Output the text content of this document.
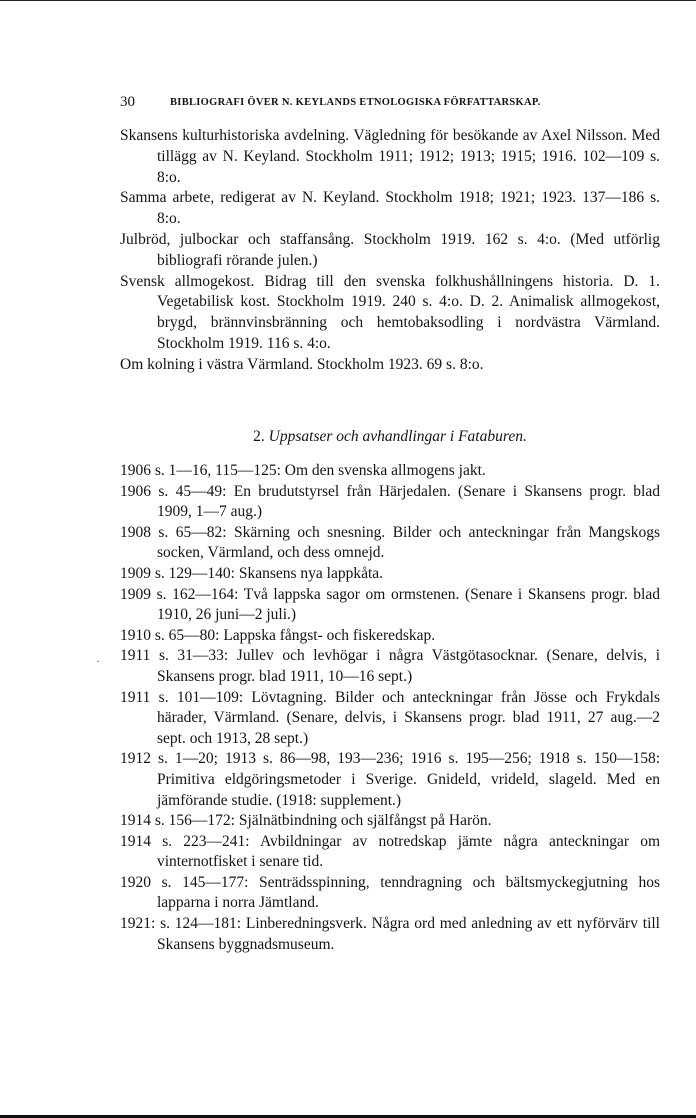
30	BIBLIOGRAFI ÖVER N. KEYLANDS ETNOLOGISKA FÖRFATTARSKAP.
Skansens kulturhistoriska avdelning. Vägledning för besökande av Axel Nilsson. Med tillägg av N. Keyland. Stockholm 1911; 1912; 1913; 1915; 1916. 102—109 s. 8:o.
Samma arbete, redigerat av N. Keyland. Stockholm 1918; 1921; 1923. 137—186 s. 8:o.
Julbröd, julbockar och staffansång. Stockholm 1919. 162 s. 4:o. (Med utförlig bibliografi rörande julen.)
Svensk allmogekost. Bidrag till den svenska folkhushållningens historia. D. 1. Vegetabilisk kost. Stockholm 1919. 240 s. 4:o. D. 2. Animalisk allmogekost, brygd, brännvinsbränning och hemtobaksodling i nordvästra Värmland. Stockholm 1919. 116 s. 4:o.
Om kolning i västra Värmland. Stockholm 1923. 69 s. 8:o.
2. Uppsatser och avhandlingar i Fataburen.
·
1906 s. 1—16, 115—125: Om den svenska allmogens jakt.
1906 s. 45—49: En brudutstyrsel från Härjedalen. (Senare i Skansens progr. blad 1909, 1—7 aug.)
1908 s. 65—82: Skärning och snesning. Bilder och anteckningar från Mangskogs socken, Värmland, och dess omnejd.
1909 s. 129—140: Skansens nya lappkåta.
1909 s. 162—164: Två lappska sagor om ormstenen. (Senare i Skansens progr. blad 1910, 26 juni—2 juli.)
1910 s. 65—80: Lappska fångst- och fiskeredskap.
1911 s. 31—33: Jullev och levhögar i några Västgötasocknar. (Senare, delvis, i Skansens progr. blad 1911, 10—16 sept.)
1911 s. 101—109: Lövtagning. Bilder och anteckningar från Jösse och Frykdals härader, Värmland. (Senare, delvis, i Skansens progr. blad 1911, 27 aug.—2 sept. och 1913, 28 sept.)
1912 s. 1—20; 1913 s. 86—98, 193—236; 1916 s. 195—256; 1918 s. 150—158: Primitiva eldgöringsmetoder i Sverige. Gnideld, vrideld, slageld. Med en jämförande studie. (1918: supplement.)
1914 s. 156—172: Själnätbindning och själfångst på Harön.
1914 s. 223—241: Avbildningar av notredskap jämte några anteckningar om vinternotfisket i senare tid.
1920 s. 145—177: Senträdsspinning, tenndragning och bältsmyckegjutning hos lapparna i norra Jämtland.
1921: s. 124—181: Linberedningsverk. Några ord med anledning av ett nyförvärv till Skansens byggnadsmuseum.
